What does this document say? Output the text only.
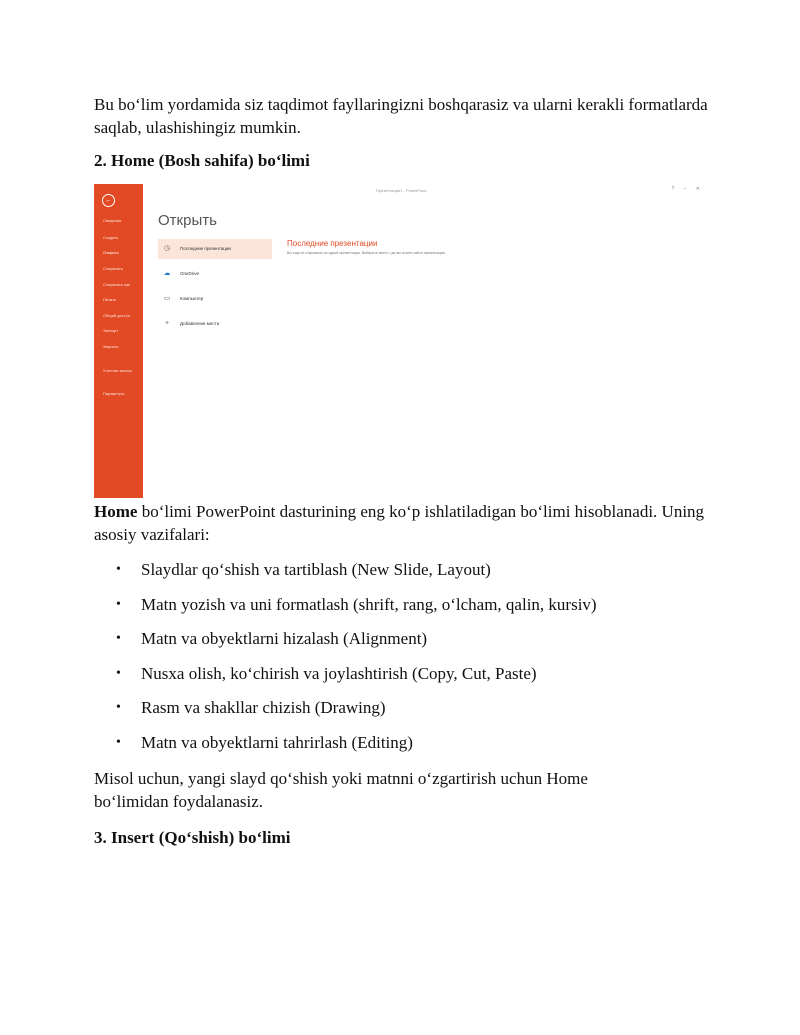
Bu bo‘lim yordamida siz taqdimot fayllaringizni boshqarasiz va ularni kerakli formatlarda saqlab, ulashishingiz mumkin.

2. Home (Bosh sahifa) bo‘limi
Презентация1 - PowerPoint	? – ✕
←
Сведения
Создать
Открыть
Сохранить
Сохранить как
Печать
Общий доступ
Экспорт
Закрыть
Учетная запись
Параметры
Открыть
◷ Последние презентации
☁ OneDrive
▭ Компьютер
+	Добавление места
Последние презентации
Вы еще не открывали ни одной презентации. Выберите место, где вы хотите найти презентацию.

Home bo‘limi PowerPoint dasturining eng ko‘p ishlatiladigan bo‘limi hisoblanadi. Uning asosiy vazifalari:

• Slaydlar qo‘shish va tartiblash (New Slide, Layout)
• Matn yozish va uni formatlash (shrift, rang, o‘lcham, qalin, kursiv)
• Matn va obyektlarni hizalash (Alignment)
• Nusxa olish, ko‘chirish va joylashtirish (Copy, Cut, Paste)
• Rasm va shakllar chizish (Drawing)
• Matn va obyektlarni tahrirlash (Editing)

Misol uchun, yangi slayd qo‘shish yoki matnni o‘zgartirish uchun Home bo‘limidan foydalanasiz.

3. Insert (Qo‘shish) bo‘limi
